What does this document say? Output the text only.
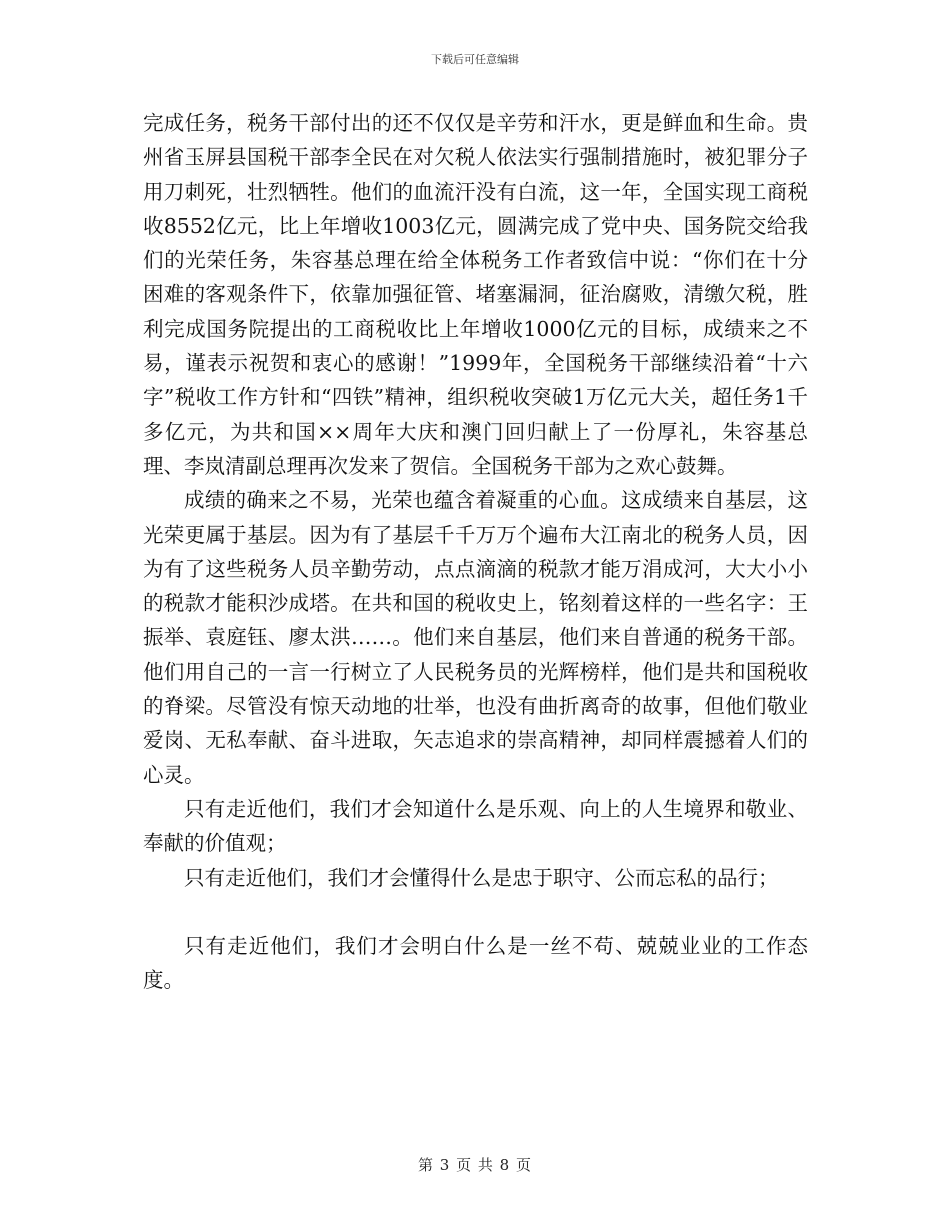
下载后可任意编辑

完成任务，税务干部付出的还不仅仅是辛劳和汗水，更是鲜血和生命。贵州省玉屏县国税干部李全民在对欠税人依法实行强制措施时，被犯罪分子用刀刺死，壮烈牺牲。他们的血流汗没有白流，这一年，全国实现工商税收8552亿元，比上年增收1003亿元，圆满完成了党中央、国务院交给我们的光荣任务，朱容基总理在给全体税务工作者致信中说：“你们在十分困难的客观条件下，依靠加强征管、堵塞漏洞，征治腐败，清缴欠税，胜利完成国务院提出的工商税收比上年增收1000亿元的目标，成绩来之不易，谨表示祝贺和衷心的感谢！”1999年，全国税务干部继续沿着“十六字”税收工作方针和“四铁”精神，组织税收突破1万亿元大关，超任务1千多亿元，为共和国××周年大庆和澳门回归献上了一份厚礼，朱容基总理、李岚清副总理再次发来了贺信。全国税务干部为之欢心鼓舞。

成绩的确来之不易，光荣也蕴含着凝重的心血。这成绩来自基层，这光荣更属于基层。因为有了基层千千万万个遍布大江南北的税务人员，因为有了这些税务人员辛勤劳动，点点滴滴的税款才能万涓成河，大大小小的税款才能积沙成塔。在共和国的税收史上，铭刻着这样的一些名字：王振举、袁庭钰、廖太洪……。他们来自基层，他们来自普通的税务干部。他们用自己的一言一行树立了人民税务员的光辉榜样，他们是共和国税收的脊梁。尽管没有惊天动地的壮举，也没有曲折离奇的故事，但他们敬业爱岗、无私奉献、奋斗进取，矢志追求的崇高精神，却同样震撼着人们的心灵。

只有走近他们，我们才会知道什么是乐观、向上的人生境界和敬业、奉献的价值观；

只有走近他们，我们才会懂得什么是忠于职守、公而忘私的品行；

只有走近他们，我们才会明白什么是一丝不苟、兢兢业业的工作态度。

第 3 页 共 8 页
